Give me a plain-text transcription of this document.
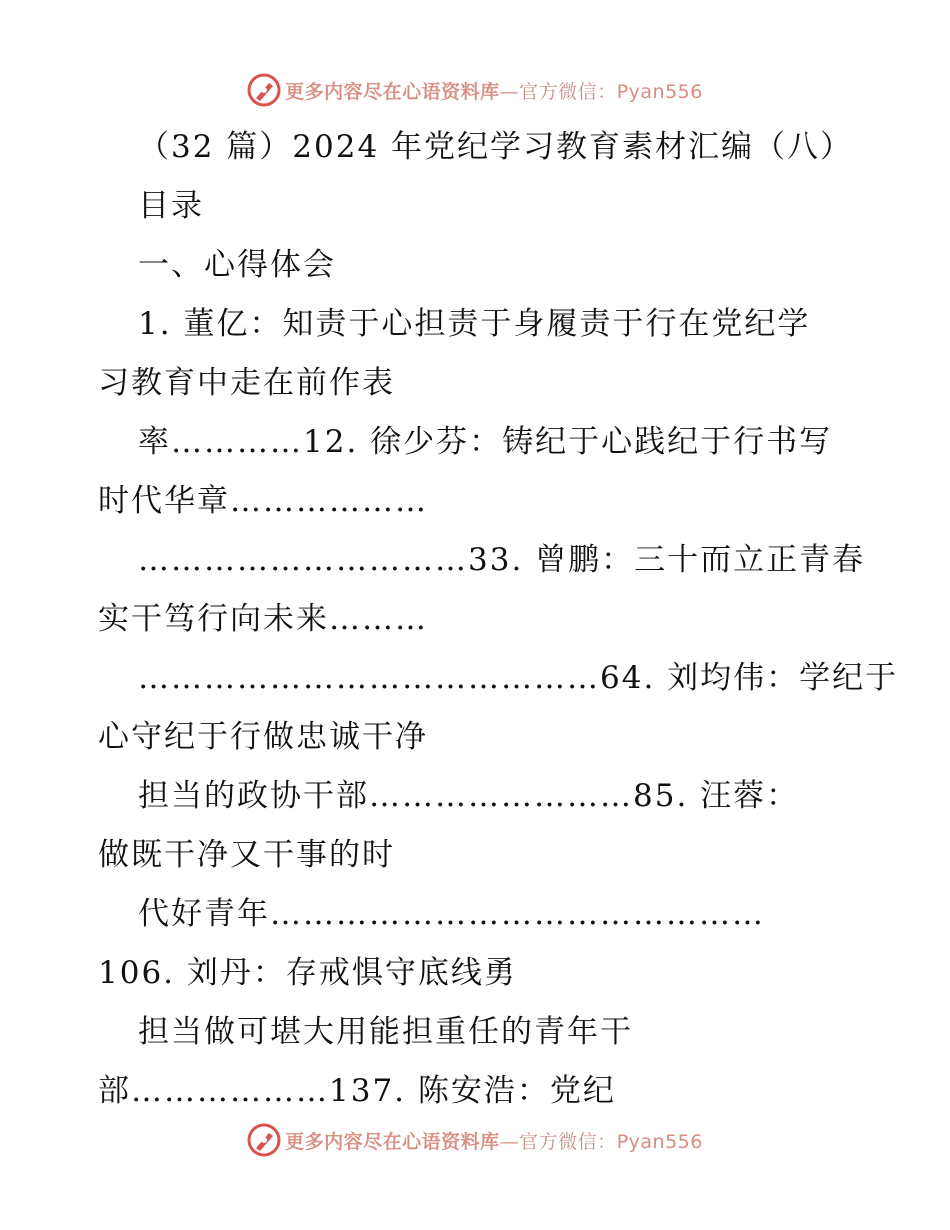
更多内容尽在心语资料库—官方微信：Pyan556
（32 篇）2024 年党纪学习教育素材汇编（八）
目录
一、心得体会
1. 董亿：知责于心担责于身履责于行在党纪学
习教育中走在前作表
率…………12. 徐少芬：铸纪于心践纪于行书写
时代华章………………
…………………………33. 曾鹏：三十而立正青春
实干笃行向未来………
……………………………………64. 刘均伟：学纪于
心守纪于行做忠诚干净
担当的政协干部……………………85. 汪蓉：
做既干净又干事的时
代好青年………………………………………
106. 刘丹：存戒惧守底线勇
担当做可堪大用能担重任的青年干
部………………137. 陈安浩：党纪
更多内容尽在心语资料库—官方微信：Pyan556
